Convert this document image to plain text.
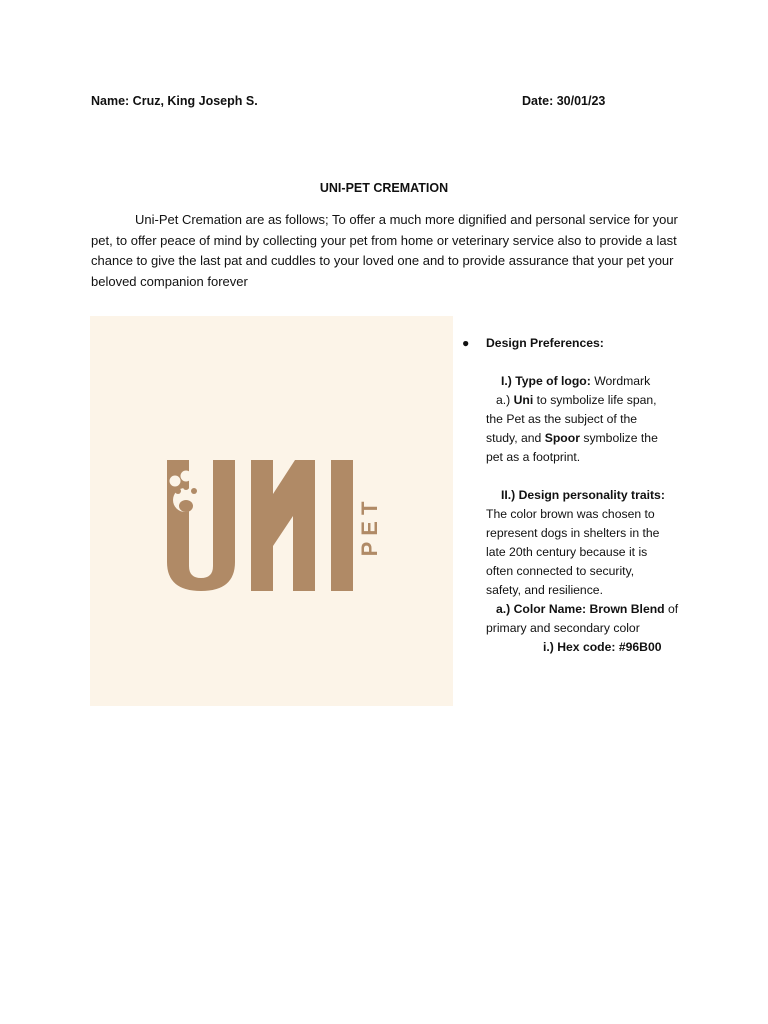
Name: Cruz, King Joseph S.	Date: 30/01/23
UNI-PET CREMATION

Uni-Pet Cremation are as follows; To offer a much more dignified and personal service for your pet, to offer peace of mind by collecting your pet from home or veterinary service also to provide a last chance to give the last pat and cuddles to your loved one and to provide assurance that your pet your beloved companion forever

PET
● Design Preferences:
I.) Type of logo: Wordmark
a.) Uni to symbolize life span,
the Pet as the subject of the
study, and Spoor symbolize the
pet as a footprint.
II.) Design personality traits:
The color brown was chosen to
represent dogs in shelters in the
late 20th century because it is
often connected to security,
safety, and resilience.
a.) Color Name: Brown Blend of
primary and secondary color
i.) Hex code: #96B00
